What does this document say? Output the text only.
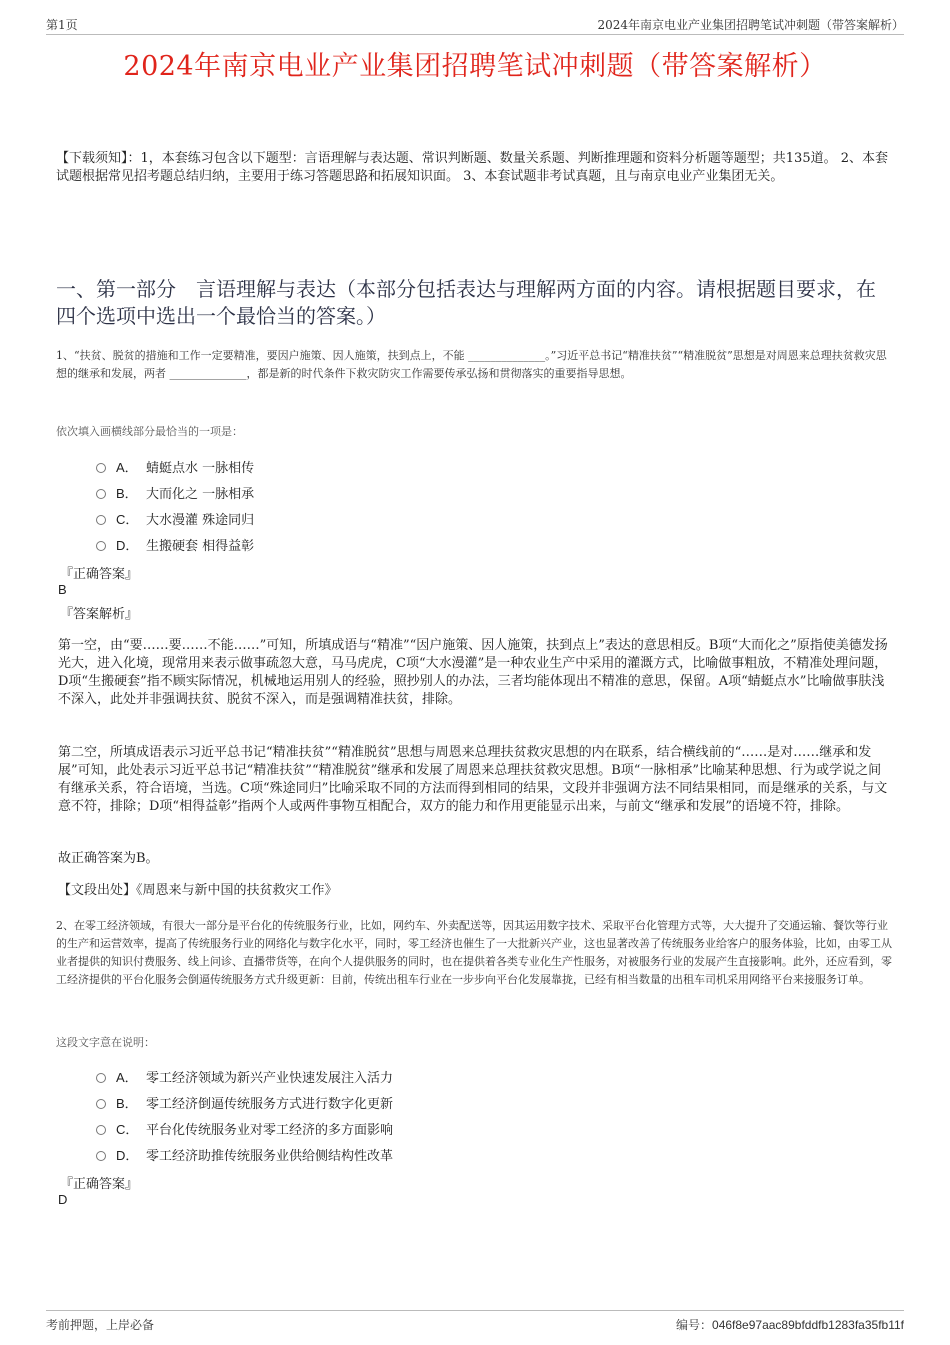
第1页	2024年南京电业产业集团招聘笔试冲刺题（带答案解析）
2024年南京电业产业集团招聘笔试冲刺题（带答案解析）
【下载须知】：1，本套练习包含以下题型：言语理解与表达题、常识判断题、数量关系题、判断推理题和资料分析题等题型；共135道。 2、本套试题根据常见招考题总结归纳，主要用于练习答题思路和拓展知识面。 3、本套试题非考试真题，且与南京电业产业集团无关。
一、第一部分　言语理解与表达（本部分包括表达与理解两方面的内容。请根据题目要求，在四个选项中选出一个最恰当的答案。）
1、“扶贫、脱贫的措施和工作一定要精准，要因户施策、因人施策，扶到点上，不能 ______________。”习近平总书记“精准扶贫”“精准脱贫”思想是对周恩来总理扶贫救灾思想的继承和发展，两者 ______________，都是新的时代条件下救灾防灾工作需要传承弘扬和贯彻落实的重要指导思想。
依次填入画横线部分最恰当的一项是：
A． 蜻蜓点水 一脉相传
B． 大而化之 一脉相承
C． 大水漫灌 殊途同归
D． 生搬硬套 相得益彰
『正确答案』
B
『答案解析』
第一空，由“要……要……不能……”可知，所填成语与“精准”“因户施策、因人施策，扶到点上”表达的意思相反。B项“大而化之”原指使美德发扬光大，进入化境，现常用来表示做事疏忽大意，马马虎虎，C项“大水漫灌”是一种农业生产中采用的灌溉方式，比喻做事粗放，不精准处理问题，D项“生搬硬套”指不顾实际情况，机械地运用别人的经验，照抄别人的办法，三者均能体现出不精准的意思，保留。A项“蜻蜓点水”比喻做事肤浅不深入，此处并非强调扶贫、脱贫不深入，而是强调精准扶贫，排除。
第二空，所填成语表示习近平总书记“精准扶贫”“精准脱贫”思想与周恩来总理扶贫救灾思想的内在联系，结合横线前的“……是对……继承和发展”可知，此处表示习近平总书记“精准扶贫”“精准脱贫”继承和发展了周恩来总理扶贫救灾思想。B项“一脉相承”比喻某种思想、行为或学说之间有继承关系，符合语境，当选。C项“殊途同归”比喻采取不同的方法而得到相同的结果，文段并非强调方法不同结果相同，而是继承的关系，与文意不符，排除；D项“相得益彰”指两个人或两件事物互相配合，双方的能力和作用更能显示出来，与前文“继承和发展”的语境不符，排除。
故正确答案为B。
【文段出处】《周恩来与新中国的扶贫救灾工作》
2、在零工经济领域，有很大一部分是平台化的传统服务行业，比如，网约车、外卖配送等，因其运用数字技术、采取平台化管理方式等，大大提升了交通运输、餐饮等行业的生产和运营效率，提高了传统服务行业的网络化与数字化水平，同时，零工经济也催生了一大批新兴产业，这也显著改善了传统服务业给客户的服务体验，比如，由零工从业者提供的知识付费服务、线上问诊、直播带货等，在向个人提供服务的同时，也在提供着各类专业化生产性服务，对被服务行业的发展产生直接影响。此外，还应看到，零工经济提供的平台化服务会倒逼传统服务方式升级更新：目前，传统出租车行业在一步步向平台化发展靠拢，已经有相当数量的出租车司机采用网络平台来接服务订单。
这段文字意在说明：
A． 零工经济领域为新兴产业快速发展注入活力
B． 零工经济倒逼传统服务方式进行数字化更新
C． 平台化传统服务业对零工经济的多方面影响
D． 零工经济助推传统服务业供给侧结构性改革
『正确答案』
D
考前押题，上岸必备	编号：046f8e97aac89bfddfb1283fa35fb11f
